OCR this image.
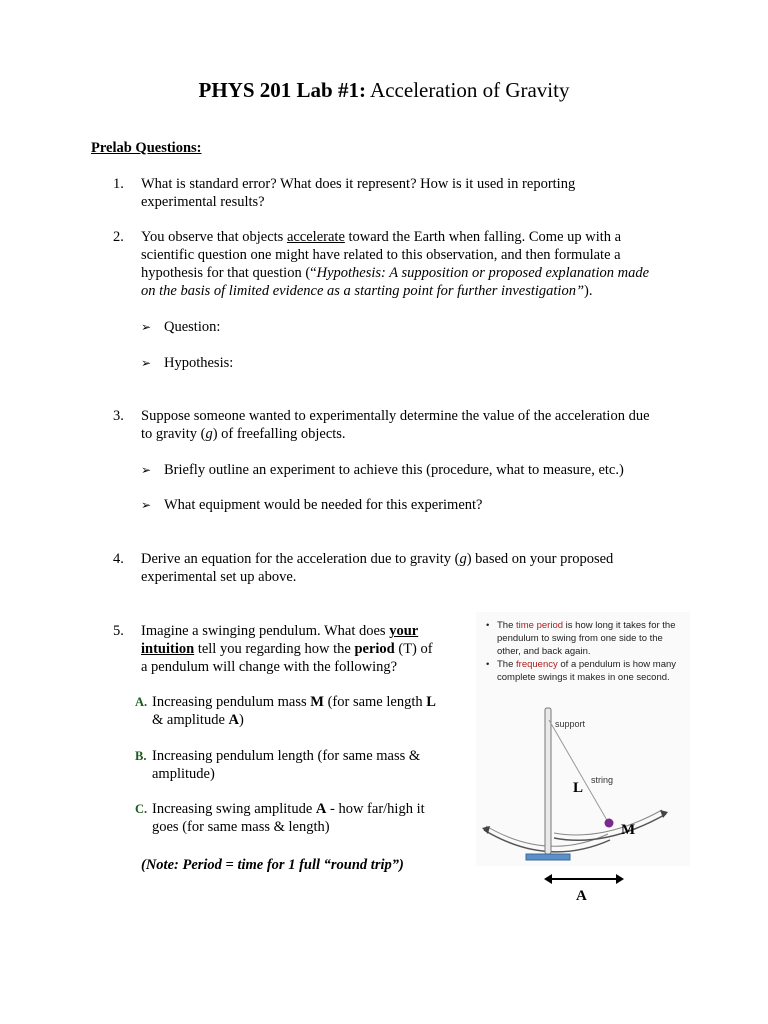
PHYS 201 Lab #1: Acceleration of Gravity
Prelab Questions:
1.	What is standard error? What does it represent? How is it used in reporting
experimental results?
2.	You observe that objects accelerate toward the Earth when falling. Come up with a
scientific question one might have related to this observation, and then formulate a
hypothesis for that question (“Hypothesis: A supposition or proposed explanation made
on the basis of limited evidence as a starting point for further investigation”).
➢ Question:
➢ Hypothesis:
3.	Suppose someone wanted to experimentally determine the value of the acceleration due
to gravity (g) of freefalling objects.
➢ Briefly outline an experiment to achieve this (procedure, what to measure, etc.)
➢ What equipment would be needed for this experiment?
4.	Derive an equation for the acceleration due to gravity (g) based on your proposed
experimental set up above.
5.	Imagine a swinging pendulum. What does your
intuition tell you regarding how the period (T) of
a pendulum will change with the following?
A. Increasing pendulum mass M (for same length L
& amplitude A)
B. Increasing pendulum length (for same mass &
amplitude)
C. Increasing swing amplitude A - how far/high it
goes (for same mass & length)
(Note: Period = time for 1 full “round trip”)
• The time period is how long it takes for the pendulum to swing from one side to the other, and back again.
• The frequency of a pendulum is how many complete swings it makes in one second.
support
string
L
M
A
